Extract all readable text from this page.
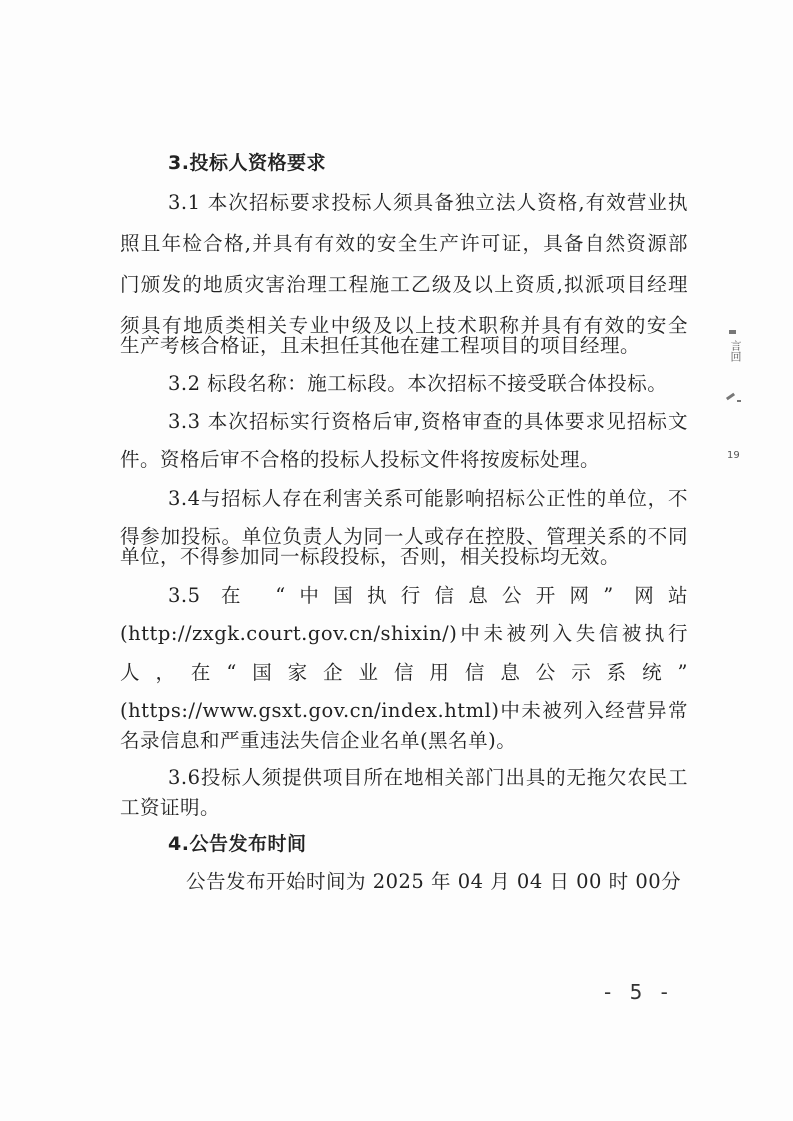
3.投标人资格要求
3.1 本次招标要求投标人须具备独立法人资格,有效营业执
照且年检合格,并具有有效的安全生产许可证，具备自然资源部
门颁发的地质灾害治理工程施工乙级及以上资质,拟派项目经理
须具有地质类相关专业中级及以上技术职称并具有有效的安全
生产考核合格证，且未担任其他在建工程项目的项目经理。
3.2 标段名称：施工标段。本次招标不接受联合体投标。
3.3 本次招标实行资格后审,资格审查的具体要求见招标文
件。资格后审不合格的投标人投标文件将按废标处理。
3.4与招标人存在利害关系可能影响招标公正性的单位，不
得参加投标。单位负责人为同一人或存在控股、管理关系的不同
单位，不得参加同一标段投标，否则，相关投标均无效。
3.5 在 “中国执行信息公开网” 网站
(http://zxgk.court.gov.cn/shixin/)中未被列入失信被执行
人，在“国家企业信用信息公示系统”
(https://www.gsxt.gov.cn/index.html)中未被列入经营异常
名录信息和严重违法失信企业名单(黑名单)。
3.6投标人须提供项目所在地相关部门出具的无拖欠农民工
工资证明。
4.公告发布时间
公告发布开始时间为 2025 年 04 月 04 日 00 时 00分
- 5 -
言回
19
